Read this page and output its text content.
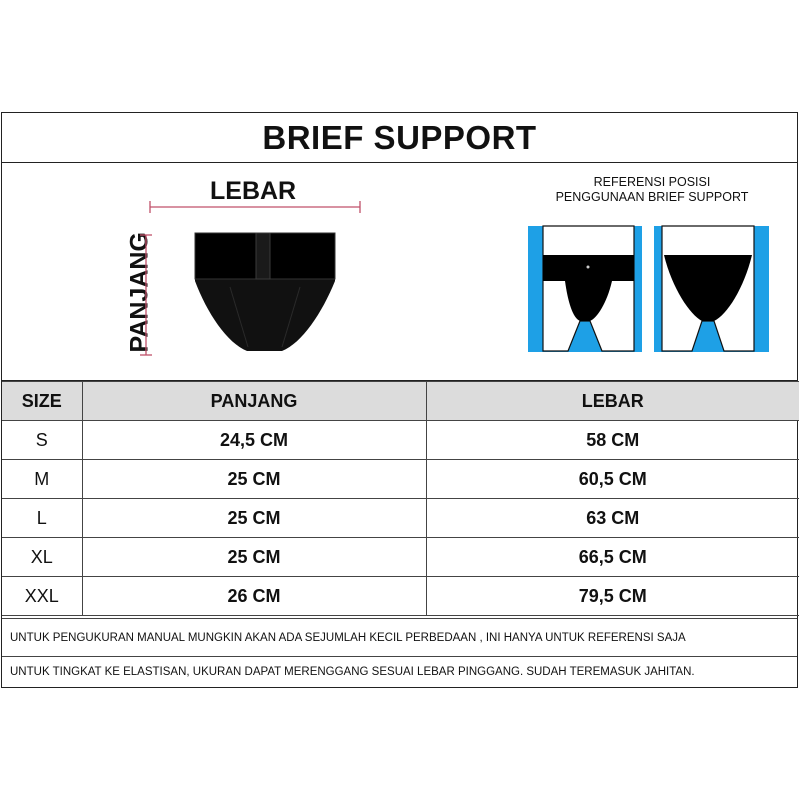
BRIEF SUPPORT
LEBAR
PANJANG
REFERENSI POSISI
PENGGUNAAN BRIEF SUPPORT
SIZE	PANJANG	LEBAR
S	24,5 CM	58 CM
M	25 CM	60,5 CM
L	25 CM	63 CM
XL	25 CM	66,5 CM
XXL	26 CM	79,5 CM
UNTUK PENGUKURAN MANUAL MUNGKIN AKAN ADA SEJUMLAH KECIL PERBEDAAN , INI HANYA UNTUK REFERENSI SAJA
UNTUK TINGKAT KE ELASTISAN, UKURAN DAPAT MERENGGANG SESUAI LEBAR PINGGANG. SUDAH TEREMASUK JAHITAN.
